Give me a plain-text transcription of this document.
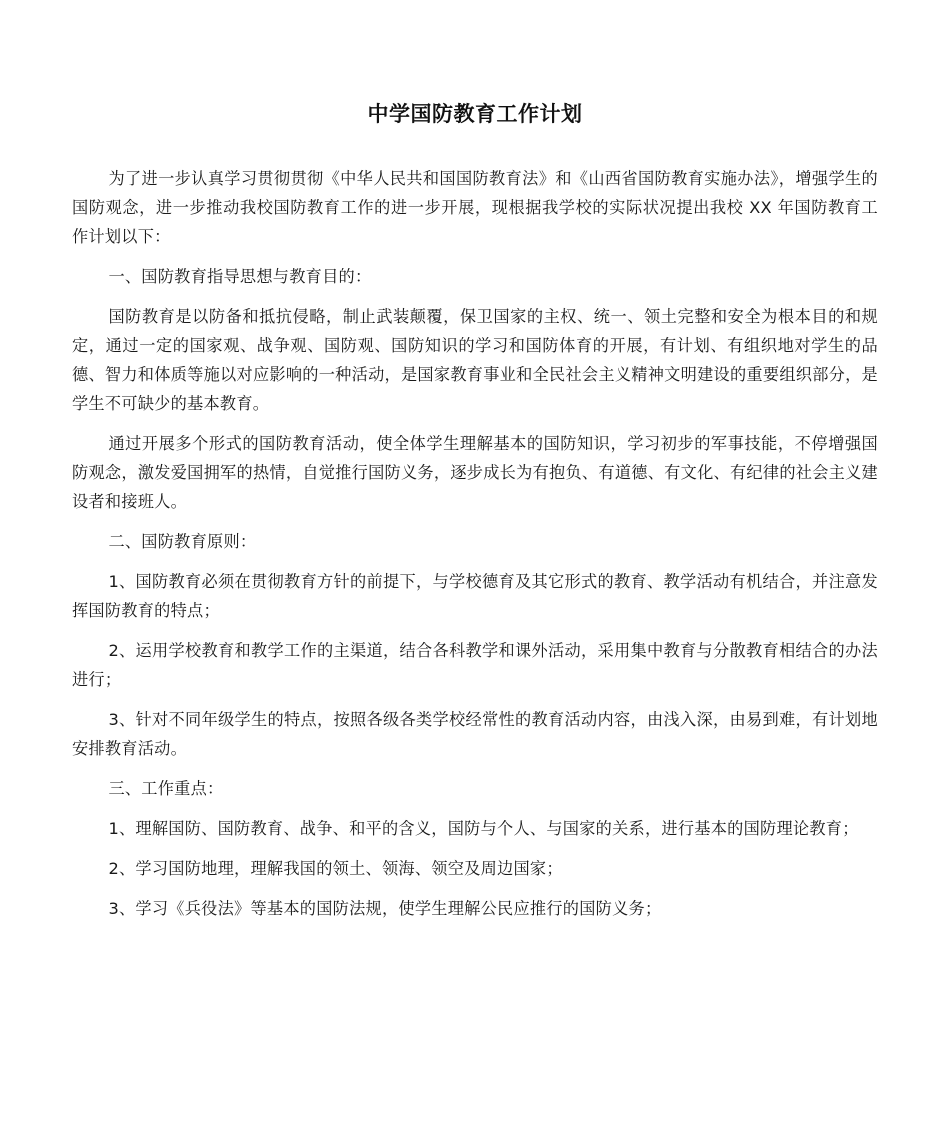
中学国防教育工作计划

为了进一步认真学习贯彻贯彻《中华人民共和国国防教育法》和《山西省国防教育实施办法》，增强学生的国防观念，进一步推动我校国防教育工作的进一步开展，现根据我学校的实际状况提出我校 XX 年国防教育工作计划以下：

一、国防教育指导思想与教育目的：

国防教育是以防备和抵抗侵略，制止武装颠覆，保卫国家的主权、统一、领土完整和安全为根本目的和规定，通过一定的国家观、战争观、国防观、国防知识的学习和国防体育的开展，有计划、有组织地对学生的品德、智力和体质等施以对应影响的一种活动，是国家教育事业和全民社会主义精神文明建设的重要组织部分，是学生不可缺少的基本教育。

通过开展多个形式的国防教育活动，使全体学生理解基本的国防知识，学习初步的军事技能，不停增强国防观念，激发爱国拥军的热情，自觉推行国防义务，逐步成长为有抱负、有道德、有文化、有纪律的社会主义建设者和接班人。

二、国防教育原则：

1、国防教育必须在贯彻教育方针的前提下，与学校德育及其它形式的教育、教学活动有机结合，并注意发挥国防教育的特点；

2、运用学校教育和教学工作的主渠道，结合各科教学和课外活动，采用集中教育与分散教育相结合的办法进行；

3、针对不同年级学生的特点，按照各级各类学校经常性的教育活动内容，由浅入深，由易到难，有计划地安排教育活动。

三、工作重点：

1、理解国防、国防教育、战争、和平的含义，国防与个人、与国家的关系，进行基本的国防理论教育；

2、学习国防地理，理解我国的领土、领海、领空及周边国家；

3、学习《兵役法》等基本的国防法规，使学生理解公民应推行的国防义务；
